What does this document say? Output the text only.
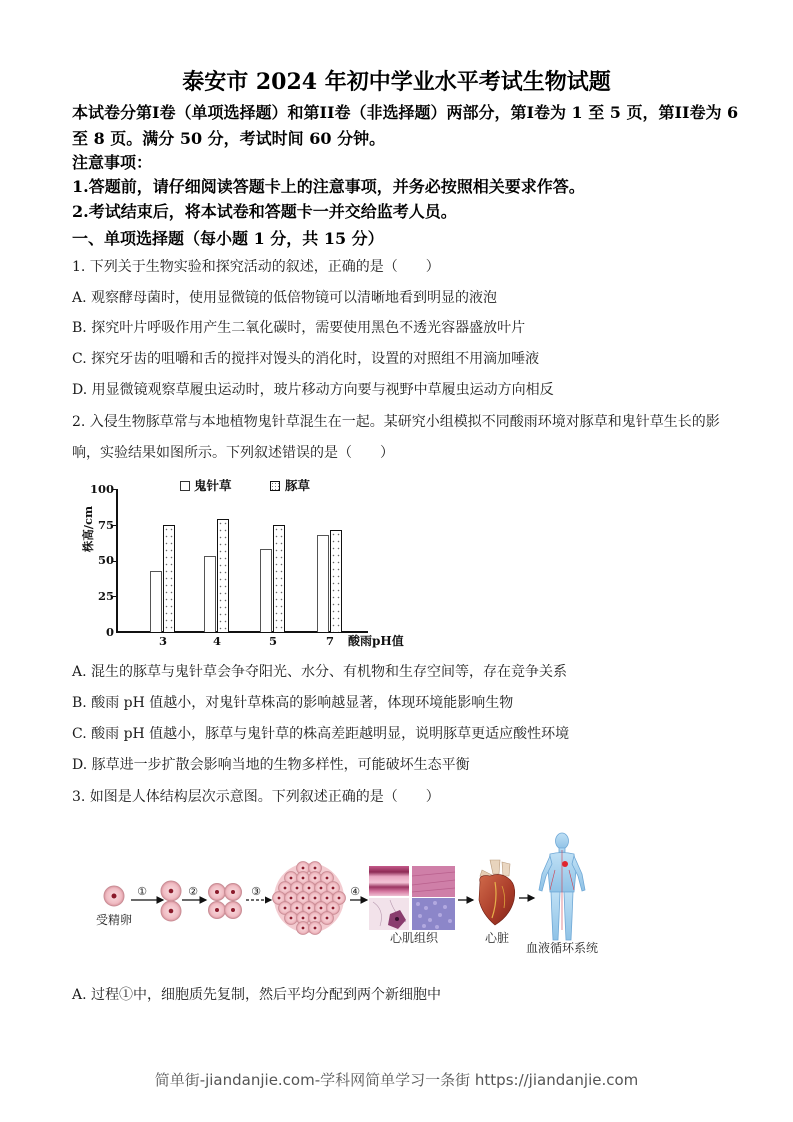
泰安市 2024 年初中学业水平考试生物试题
本试卷分第I卷（单项选择题）和第II卷（非选择题）两部分，第I卷为 1 至 5 页，第II卷为 6
至 8 页。满分 50 分，考试时间 60 分钟。
注意事项：
1.答题前，请仔细阅读答题卡上的注意事项，并务必按照相关要求作答。
2.考试结束后，将本试卷和答题卡一并交给监考人员。
一、单项选择题（每小题 1 分，共 15 分）
1. 下列关于生物实验和探究活动的叙述，正确的是（　　）
A. 观察酵母菌时，使用显微镜的低倍物镜可以清晰地看到明显的液泡
B. 探究叶片呼吸作用产生二氧化碳时，需要使用黑色不透光容器盛放叶片
C. 探究牙齿的咀嚼和舌的搅拌对馒头的消化时，设置的对照组不用滴加唾液
D. 用显微镜观察草履虫运动时，玻片移动方向要与视野中草履虫运动方向相反
2. 入侵生物豚草常与本地植物鬼针草混生在一起。某研究小组模拟不同酸雨环境对豚草和鬼针草生长的影
响，实验结果如图所示。下列叙述错误的是（　　）
株高/cm
100
75
50
25
0
鬼针草	豚草
3	4	5	7	酸雨pH值
A. 混生的豚草与鬼针草会争夺阳光、水分、有机物和生存空间等，存在竞争关系
B. 酸雨 pH 值越小，对鬼针草株高的影响越显著，体现环境能影响生物
C. 酸雨 pH 值越小，豚草与鬼针草的株高差距越明显，说明豚草更适应酸性环境
D. 豚草进一步扩散会影响当地的生物多样性，可能破坏生态平衡
3. 如图是人体结构层次示意图。下列叙述正确的是（　　）
①	②	③	④
受精卵
心肌组织	心脏
血液循环系统
A. 过程①中，细胞质先复制，然后平均分配到两个新细胞中
简单街-jiandanjie.com-学科网简单学习一条街 https://jiandanjie.com
